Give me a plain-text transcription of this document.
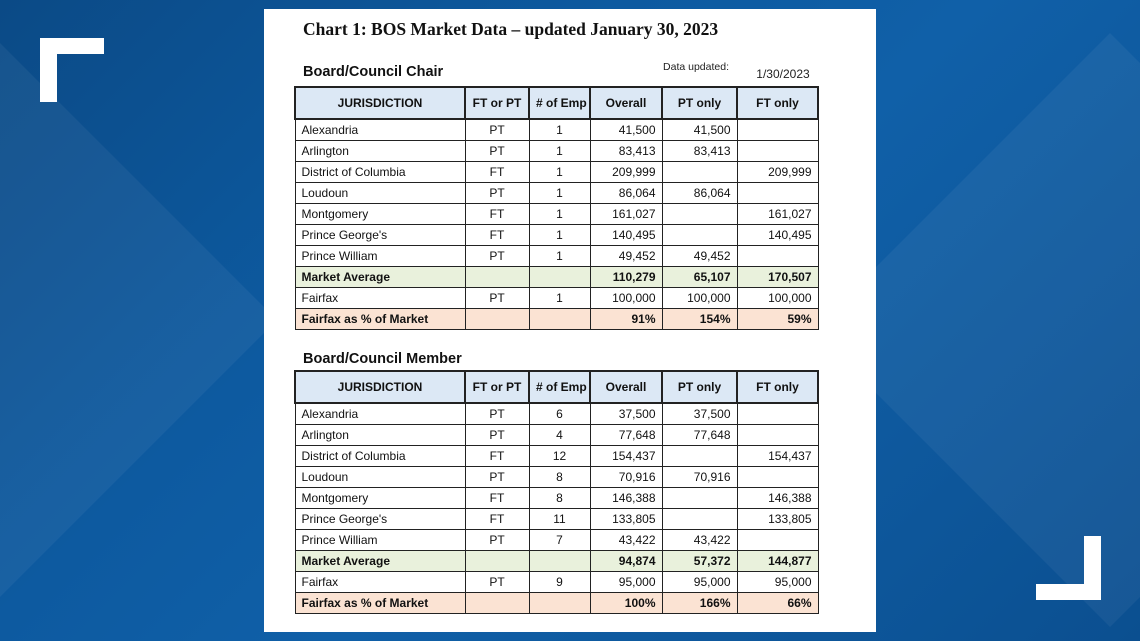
Chart 1: BOS Market Data – updated January 30, 2023
Board/Council Chair	Data updated:	1/30/2023
JURISDICTION	FT or PT	# of Emp	Overall	PT only	FT only
Alexandria	PT	1	41,500	41,500	
Arlington	PT	1	83,413	83,413	
District of Columbia	FT	1	209,999		209,999
Loudoun	PT	1	86,064	86,064	
Montgomery	FT	1	161,027		161,027
Prince George's	FT	1	140,495		140,495
Prince William	PT	1	49,452	49,452	
Market Average			110,279	65,107	170,507
Fairfax	PT	1	100,000	100,000	100,000
Fairfax as % of Market			91%	154%	59%
Board/Council Member
JURISDICTION	FT or PT	# of Emp	Overall	PT only	FT only
Alexandria	PT	6	37,500	37,500	
Arlington	PT	4	77,648	77,648	
District of Columbia	FT	12	154,437		154,437
Loudoun	PT	8	70,916	70,916	
Montgomery	FT	8	146,388		146,388
Prince George's	FT	11	133,805		133,805
Prince William	PT	7	43,422	43,422	
Market Average			94,874	57,372	144,877
Fairfax	PT	9	95,000	95,000	95,000
Fairfax as % of Market			100%	166%	66%
